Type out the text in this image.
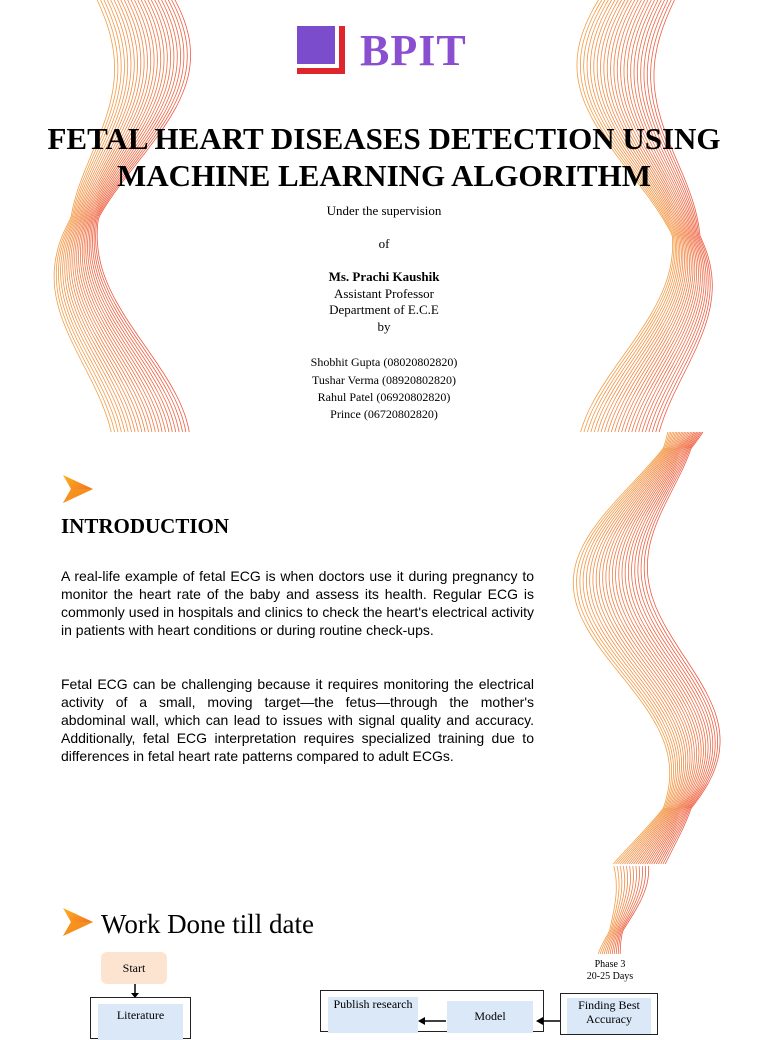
BPIT
FETAL HEART DISEASES DETECTION USING
MACHINE LEARNING ALGORITHM
Under the supervision
of
Ms. Prachi Kaushik
Assistant Professor
Department of E.C.E
by
Shobhit Gupta (08020802820)
Tushar Verma (08920802820)
Rahul Patel (06920802820)
Prince (06720802820)
INTRODUCTION
A real-life example of fetal ECG is when doctors use it during pregnancy to monitor the heart rate of the baby and assess its health. Regular ECG is commonly used in hospitals and clinics to check the heart's electrical activity in patients with heart conditions or during routine check-ups.
Fetal ECG can be challenging because it requires monitoring the electrical activity of a small, moving target—the fetus—through the mother's abdominal wall, which can lead to issues with signal quality and accuracy. Additionally, fetal ECG interpretation requires specialized training due to differences in fetal heart rate patterns compared to adult ECGs.
Work Done till date
Start
Literature
Publish research
Model
Phase 3
20-25 Days
Finding Best Accuracy
